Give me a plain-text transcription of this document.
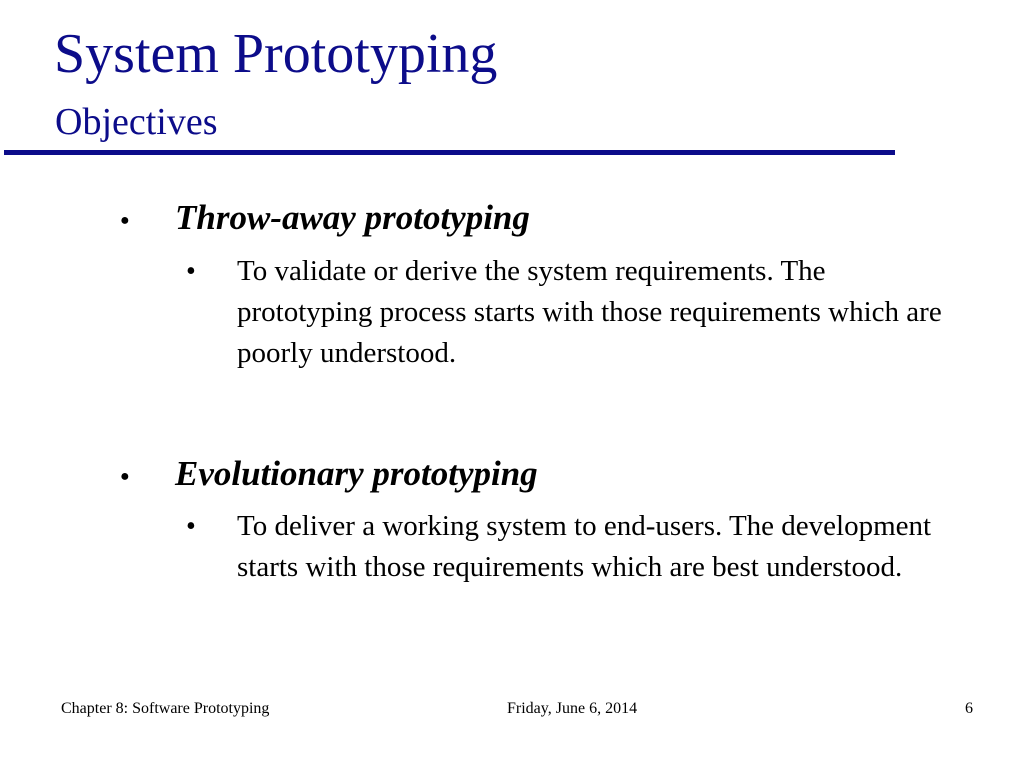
System Prototyping
Objectives
● Throw-away prototyping
• To validate or derive the system requirements. The prototyping process starts with those requirements which are poorly understood.

● Evolutionary prototyping
• To deliver a working system to end-users. The development starts with those requirements which are best understood.

Chapter 8: Software Prototyping	Friday, June 6, 2014	6
